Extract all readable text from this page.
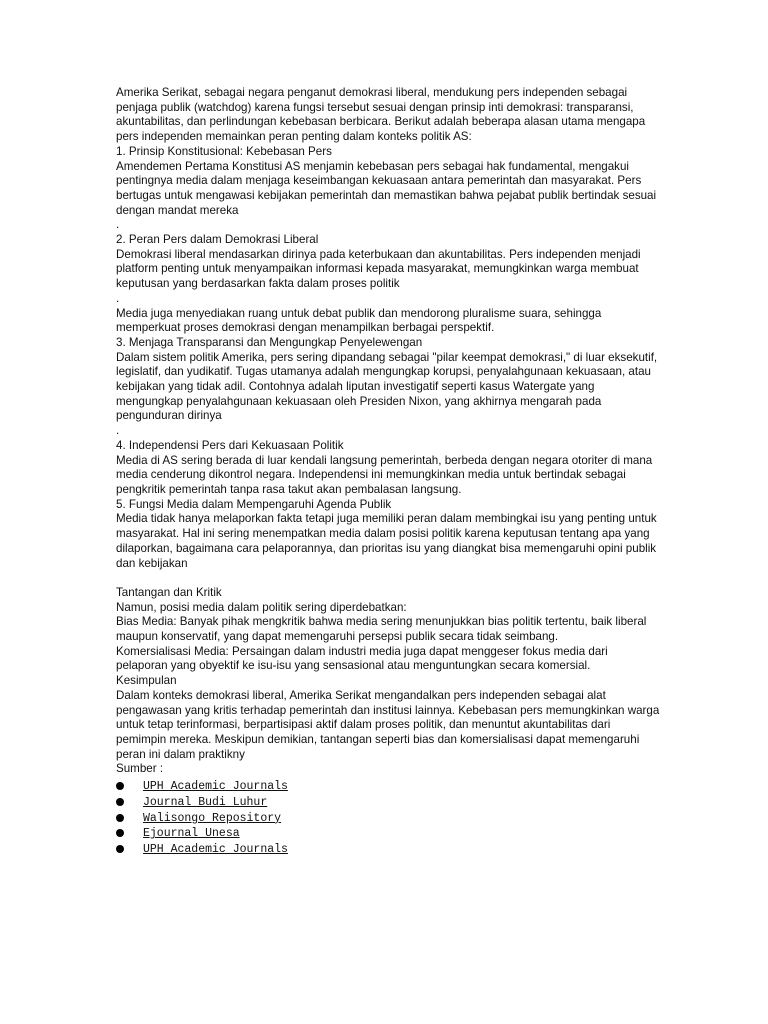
Amerika Serikat, sebagai negara penganut demokrasi liberal, mendukung pers independen sebagai penjaga publik (watchdog) karena fungsi tersebut sesuai dengan prinsip inti demokrasi: transparansi, akuntabilitas, dan perlindungan kebebasan berbicara. Berikut adalah beberapa alasan utama mengapa pers independen memainkan peran penting dalam konteks politik AS:

1. Prinsip Konstitusional: Kebebasan Pers

Amendemen Pertama Konstitusi AS menjamin kebebasan pers sebagai hak fundamental, mengakui pentingnya media dalam menjaga keseimbangan kekuasaan antara pemerintah dan masyarakat. Pers bertugas untuk mengawasi kebijakan pemerintah dan memastikan bahwa pejabat publik bertindak sesuai dengan mandat mereka

.

2. Peran Pers dalam Demokrasi Liberal

Demokrasi liberal mendasarkan dirinya pada keterbukaan dan akuntabilitas. Pers independen menjadi platform penting untuk menyampaikan informasi kepada masyarakat, memungkinkan warga membuat keputusan yang berdasarkan fakta dalam proses politik

.

Media juga menyediakan ruang untuk debat publik dan mendorong pluralisme suara, sehingga memperkuat proses demokrasi dengan menampilkan berbagai perspektif.

3. Menjaga Transparansi dan Mengungkap Penyelewengan

Dalam sistem politik Amerika, pers sering dipandang sebagai "pilar keempat demokrasi," di luar eksekutif, legislatif, dan yudikatif. Tugas utamanya adalah mengungkap korupsi, penyalahgunaan kekuasaan, atau kebijakan yang tidak adil. Contohnya adalah liputan investigatif seperti kasus Watergate yang mengungkap penyalahgunaan kekuasaan oleh Presiden Nixon, yang akhirnya mengarah pada pengunduran dirinya

.

4. Independensi Pers dari Kekuasaan Politik

Media di AS sering berada di luar kendali langsung pemerintah, berbeda dengan negara otoriter di mana media cenderung dikontrol negara. Independensi ini memungkinkan media untuk bertindak sebagai pengkritik pemerintah tanpa rasa takut akan pembalasan langsung.

5. Fungsi Media dalam Mempengaruhi Agenda Publik

Media tidak hanya melaporkan fakta tetapi juga memiliki peran dalam membingkai isu yang penting untuk masyarakat. Hal ini sering menempatkan media dalam posisi politik karena keputusan tentang apa yang dilaporkan, bagaimana cara pelaporannya, dan prioritas isu yang diangkat bisa memengaruhi opini publik dan kebijakan

Tantangan dan Kritik

Namun, posisi media dalam politik sering diperdebatkan:

Bias Media: Banyak pihak mengkritik bahwa media sering menunjukkan bias politik tertentu, baik liberal maupun konservatif, yang dapat memengaruhi persepsi publik secara tidak seimbang.

Komersialisasi Media: Persaingan dalam industri media juga dapat menggeser fokus media dari pelaporan yang obyektif ke isu-isu yang sensasional atau menguntungkan secara komersial.

Kesimpulan

Dalam konteks demokrasi liberal, Amerika Serikat mengandalkan pers independen sebagai alat pengawasan yang kritis terhadap pemerintah dan institusi lainnya. Kebebasan pers memungkinkan warga untuk tetap terinformasi, berpartisipasi aktif dalam proses politik, dan menuntut akuntabilitas dari pemimpin mereka. Meskipun demikian, tantangan seperti bias dan komersialisasi dapat memengaruhi peran ini dalam praktikny

Sumber :

UPH Academic Journals
Journal Budi Luhur
Walisongo Repository
Ejournal Unesa
UPH Academic Journals
